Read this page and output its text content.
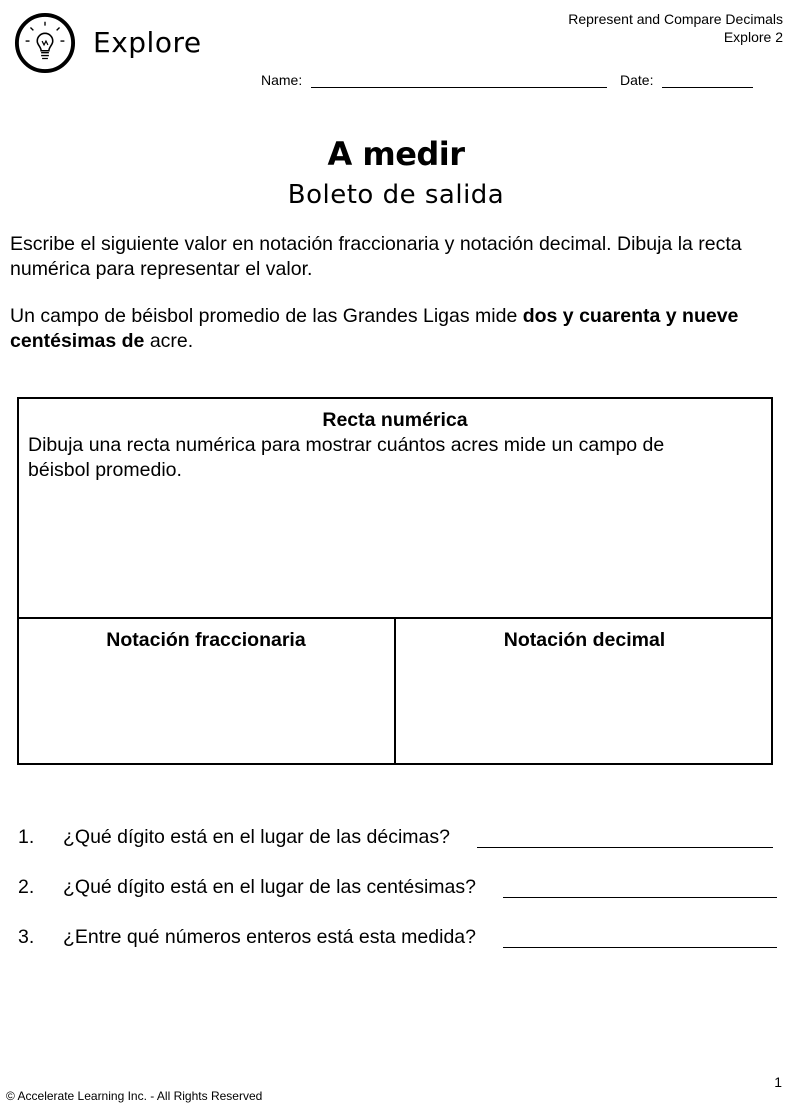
Explore
Represent and Compare Decimals
Explore 2
Name:	Date:
A medir
Boleto de salida
Escribe el siguiente valor en notación fraccionaria y notación decimal. Dibuja la recta numérica para representar el valor.
Un campo de béisbol promedio de las Grandes Ligas mide dos y cuarenta y nueve centésimas de acre.
Recta numérica
Dibuja una recta numérica para mostrar cuántos acres mide un campo de béisbol promedio.
Notación fraccionaria	Notación decimal
1. ¿Qué dígito está en el lugar de las décimas?
2. ¿Qué dígito está en el lugar de las centésimas?
3. ¿Entre qué números enteros está esta medida?
1
© Accelerate Learning Inc. - All Rights Reserved
